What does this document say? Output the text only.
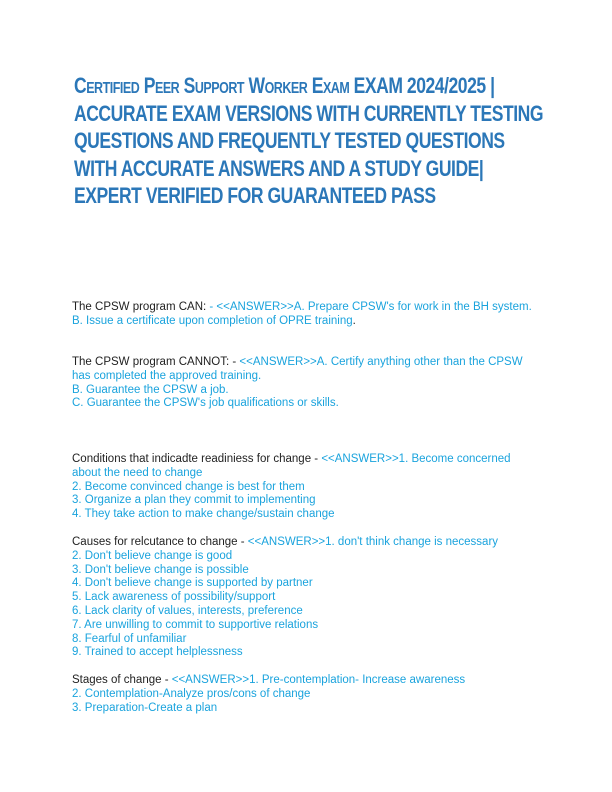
Certified Peer Support Worker Exam EXAM 2024/2025 | ACCURATE EXAM VERSIONS WITH CURRENTLY TESTING QUESTIONS AND FREQUENTLY TESTED QUESTIONS WITH ACCURATE ANSWERS AND A STUDY GUIDE| EXPERT VERIFIED FOR GUARANTEED PASS
The CPSW program CAN: - <<ANSWER>>A. Prepare CPSW's for work in the BH system.
B. Issue a certificate upon completion of OPRE training.
The CPSW program CANNOT: - <<ANSWER>>A. Certify anything other than the CPSW has completed the approved training.
B. Guarantee the CPSW a job.
C. Guarantee the CPSW's job qualifications or skills.
Conditions that indicadte readiniess for change - <<ANSWER>>1. Become concerned about the need to change
2. Become convinced change is best for them
3. Organize a plan they commit to implementing
4. They take action to make change/sustain change
Causes for relcutance to change - <<ANSWER>>1. don't think change is necessary
2. Don't believe change is good
3. Don't believe change is possible
4. Don't believe change is supported by partner
5. Lack awareness of possibility/support
6. Lack clarity of values, interests, preference
7. Are unwilling to commit to supportive relations
8. Fearful of unfamiliar
9. Trained to accept helplessness
Stages of change - <<ANSWER>>1. Pre-contemplation- Increase awareness
2. Contemplation-Analyze pros/cons of change
3. Preparation-Create a plan
